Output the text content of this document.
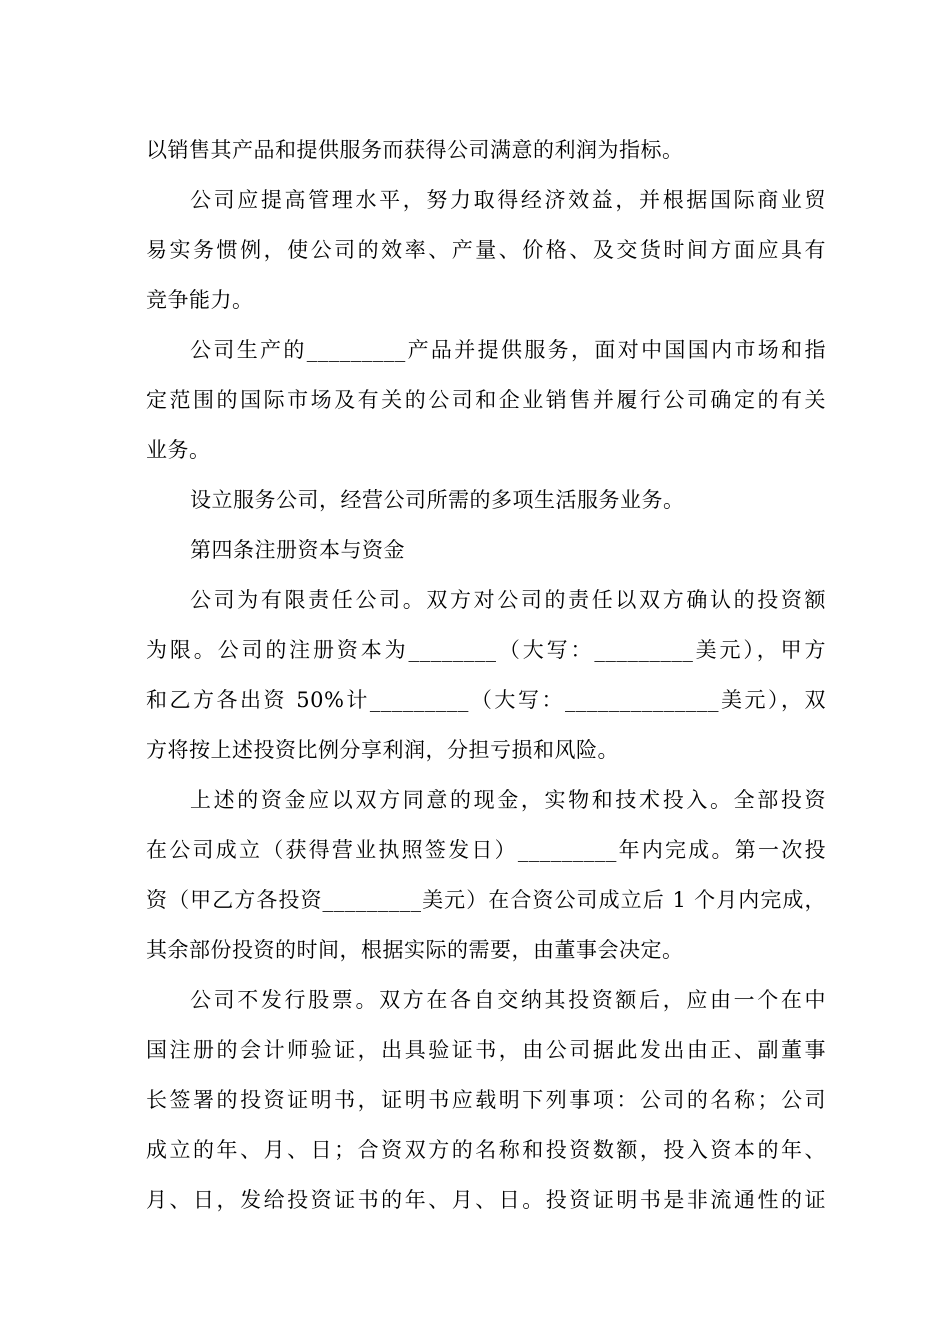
以销售其产品和提供服务而获得公司满意的利润为指标。
公司应提高管理水平，努力取得经济效益，并根据国际商业贸
易实务惯例，使公司的效率、产量、价格、及交货时间方面应具有
竞争能力。
公司生产的_________产品并提供服务，面对中国国内市场和指
定范围的国际市场及有关的公司和企业销售并履行公司确定的有关
业务。
设立服务公司，经营公司所需的多项生活服务业务。
第四条注册资本与资金
公司为有限责任公司。双方对公司的责任以双方确认的投资额
为限。公司的注册资本为________（大写：_________美元），甲方
和乙方各出资 50%计_________（大写：______________美元），双
方将按上述投资比例分享利润，分担亏损和风险。
上述的资金应以双方同意的现金，实物和技术投入。全部投资
在公司成立（获得营业执照签发日）_________年内完成。第一次投
资（甲乙方各投资_________美元）在合资公司成立后 1 个月内完成，
其余部份投资的时间，根据实际的需要，由董事会决定。
公司不发行股票。双方在各自交纳其投资额后，应由一个在中
国注册的会计师验证，出具验证书，由公司据此发出由正、副董事
长签署的投资证明书，证明书应载明下列事项：公司的名称；公司
成立的年、月、日；合资双方的名称和投资数额，投入资本的年、
月、日，发给投资证书的年、月、日。投资证明书是非流通性的证
